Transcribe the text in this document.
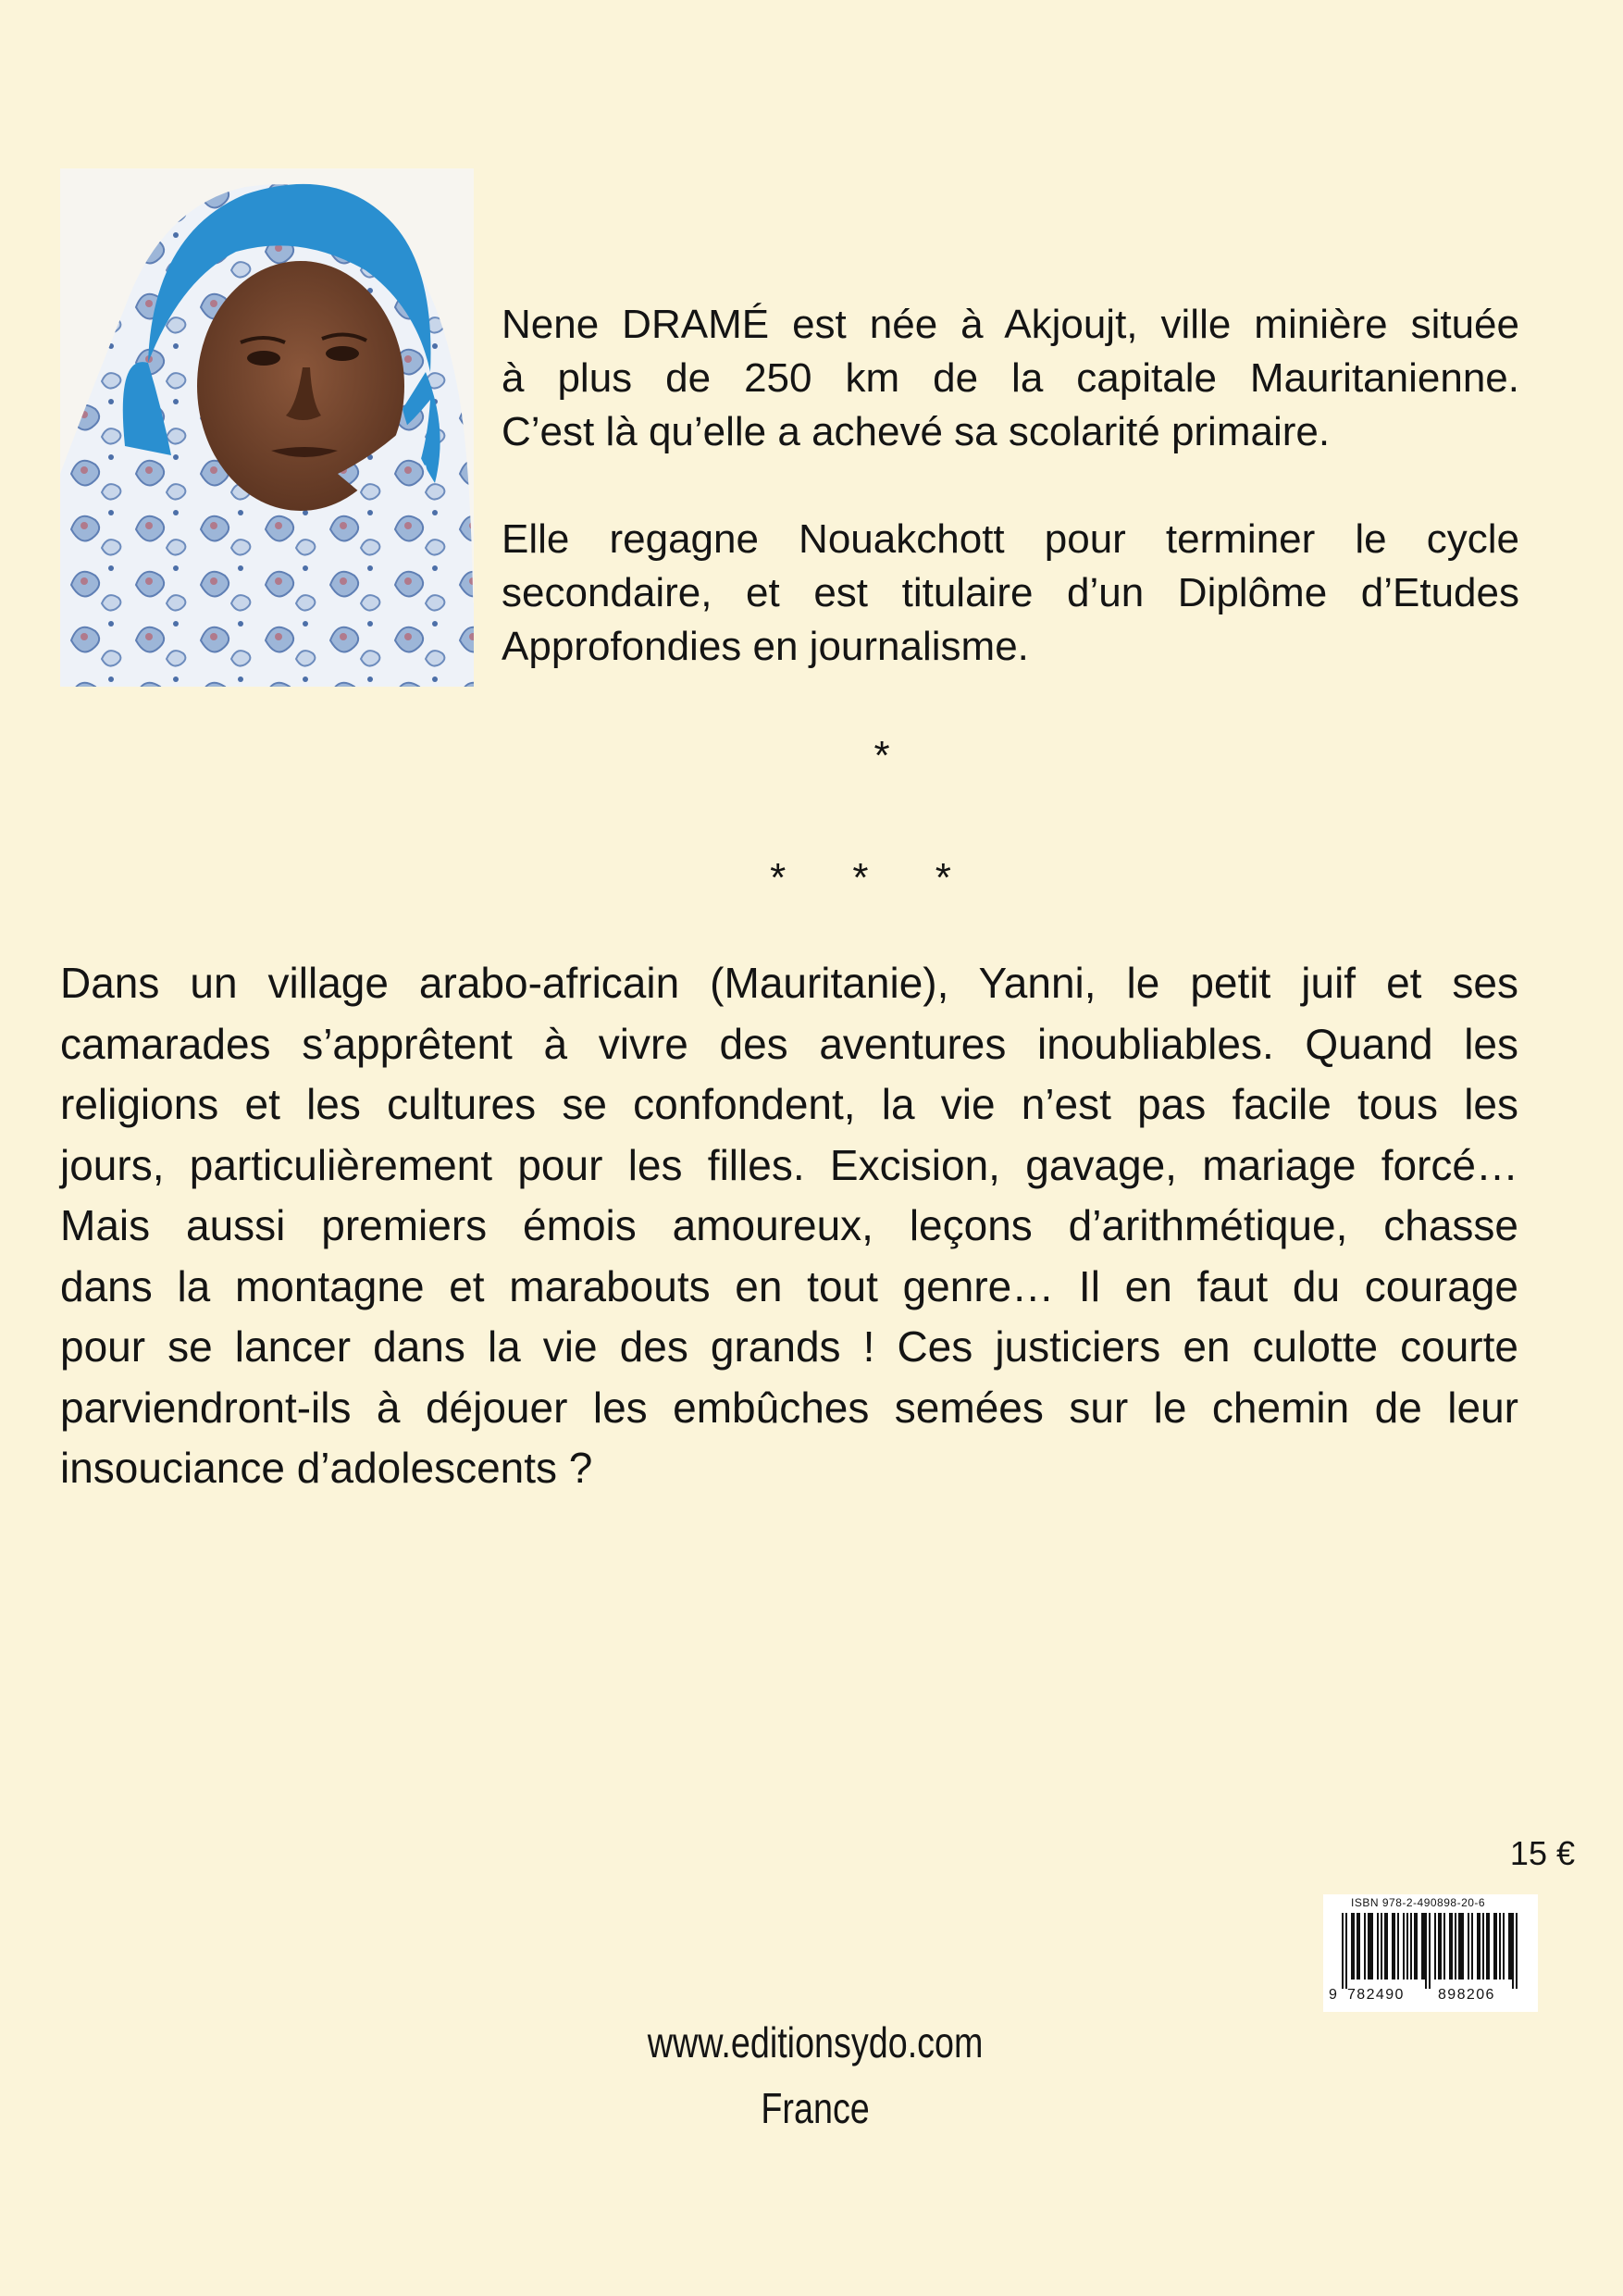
Nene DRAMÉ est née à Akjoujt, ville minière située
à plus de 250 km de la capitale Mauritanienne.
C’est là qu’elle a achevé sa scolarité primaire.

Elle regagne Nouakchott pour terminer le cycle
secondaire, et est titulaire d’un Diplôme d’Etudes
Approfondies en journalisme.

*
* * *
Dans un village arabo-africain (Mauritanie), Yanni, le petit juif et ses
camarades s’apprêtent à vivre des aventures inoubliables. Quand les
religions et les cultures se confondent, la vie n’est pas facile tous les
jours, particulièrement pour les filles. Excision, gavage, mariage forcé…
Mais aussi premiers émois amoureux, leçons d’arithmétique, chasse
dans la montagne et marabouts en tout genre… Il en faut du courage
pour se lancer dans la vie des grands ! Ces justiciers en culotte courte
parviendront-ils à déjouer les embûches semées sur le chemin de leur
insouciance d’adolescents ?
15 €
ISBN 978-2-490898-20-6
9 782490 898206
www.editionsydo.com
France
